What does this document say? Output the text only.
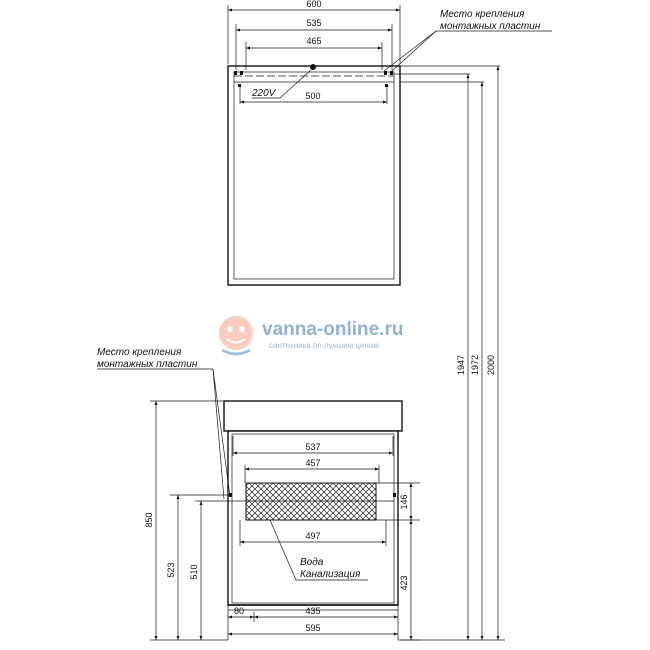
vanna-online.ru
сантехника по лучшим ценам
600
535
465
500
220V
Место крепления
монтажных пластин
1947 1972 2000
537
457
497
Вода
Канализация
80	435
595
146
423
850
523 510
Место крепления
монтажных пластин
